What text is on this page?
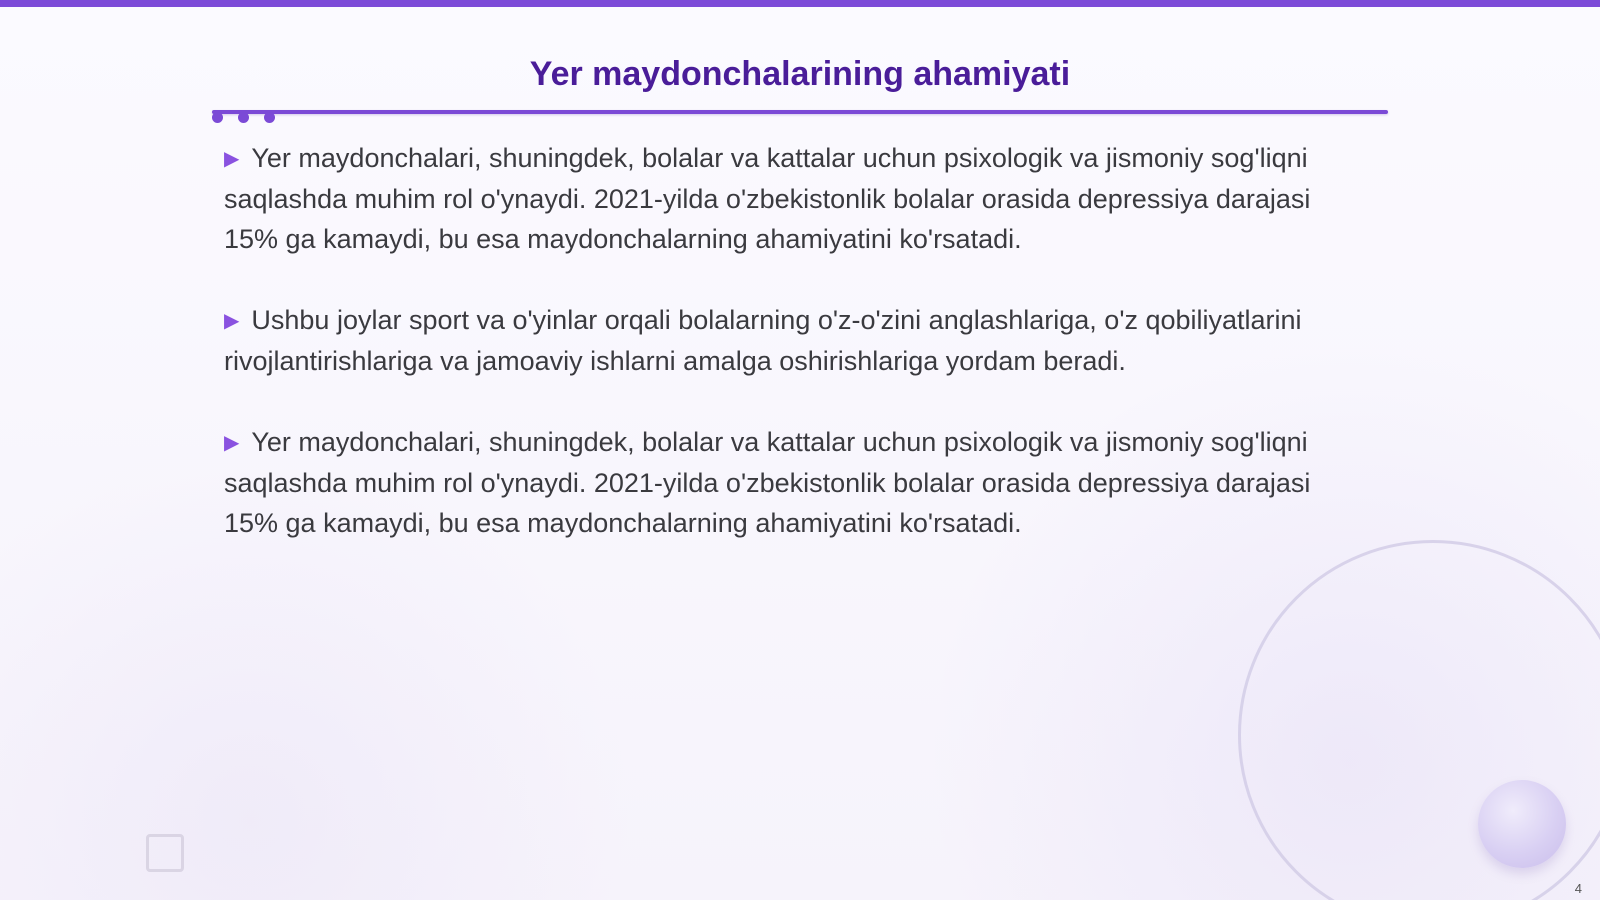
Yer maydonchalarining ahamiyati

▶ Yer maydonchalari, shuningdek, bolalar va kattalar uchun psixologik va jismoniy sog'liqni saqlashda muhim rol o'ynaydi. 2021-yilda o'zbekistonlik bolalar orasida depressiya darajasi 15% ga kamaydi, bu esa maydonchalarning ahamiyatini ko'rsatadi.

▶ Ushbu joylar sport va o'yinlar orqali bolalarning o'z-o'zini anglashlariga, o'z qobiliyatlarini rivojlantirishlariga va jamoaviy ishlarni amalga oshirishlariga yordam beradi.

▶ Yer maydonchalari, shuningdek, bolalar va kattalar uchun psixologik va jismoniy sog'liqni saqlashda muhim rol o'ynaydi. 2021-yilda o'zbekistonlik bolalar orasida depressiya darajasi 15% ga kamaydi, bu esa maydonchalarning ahamiyatini ko'rsatadi.

4
